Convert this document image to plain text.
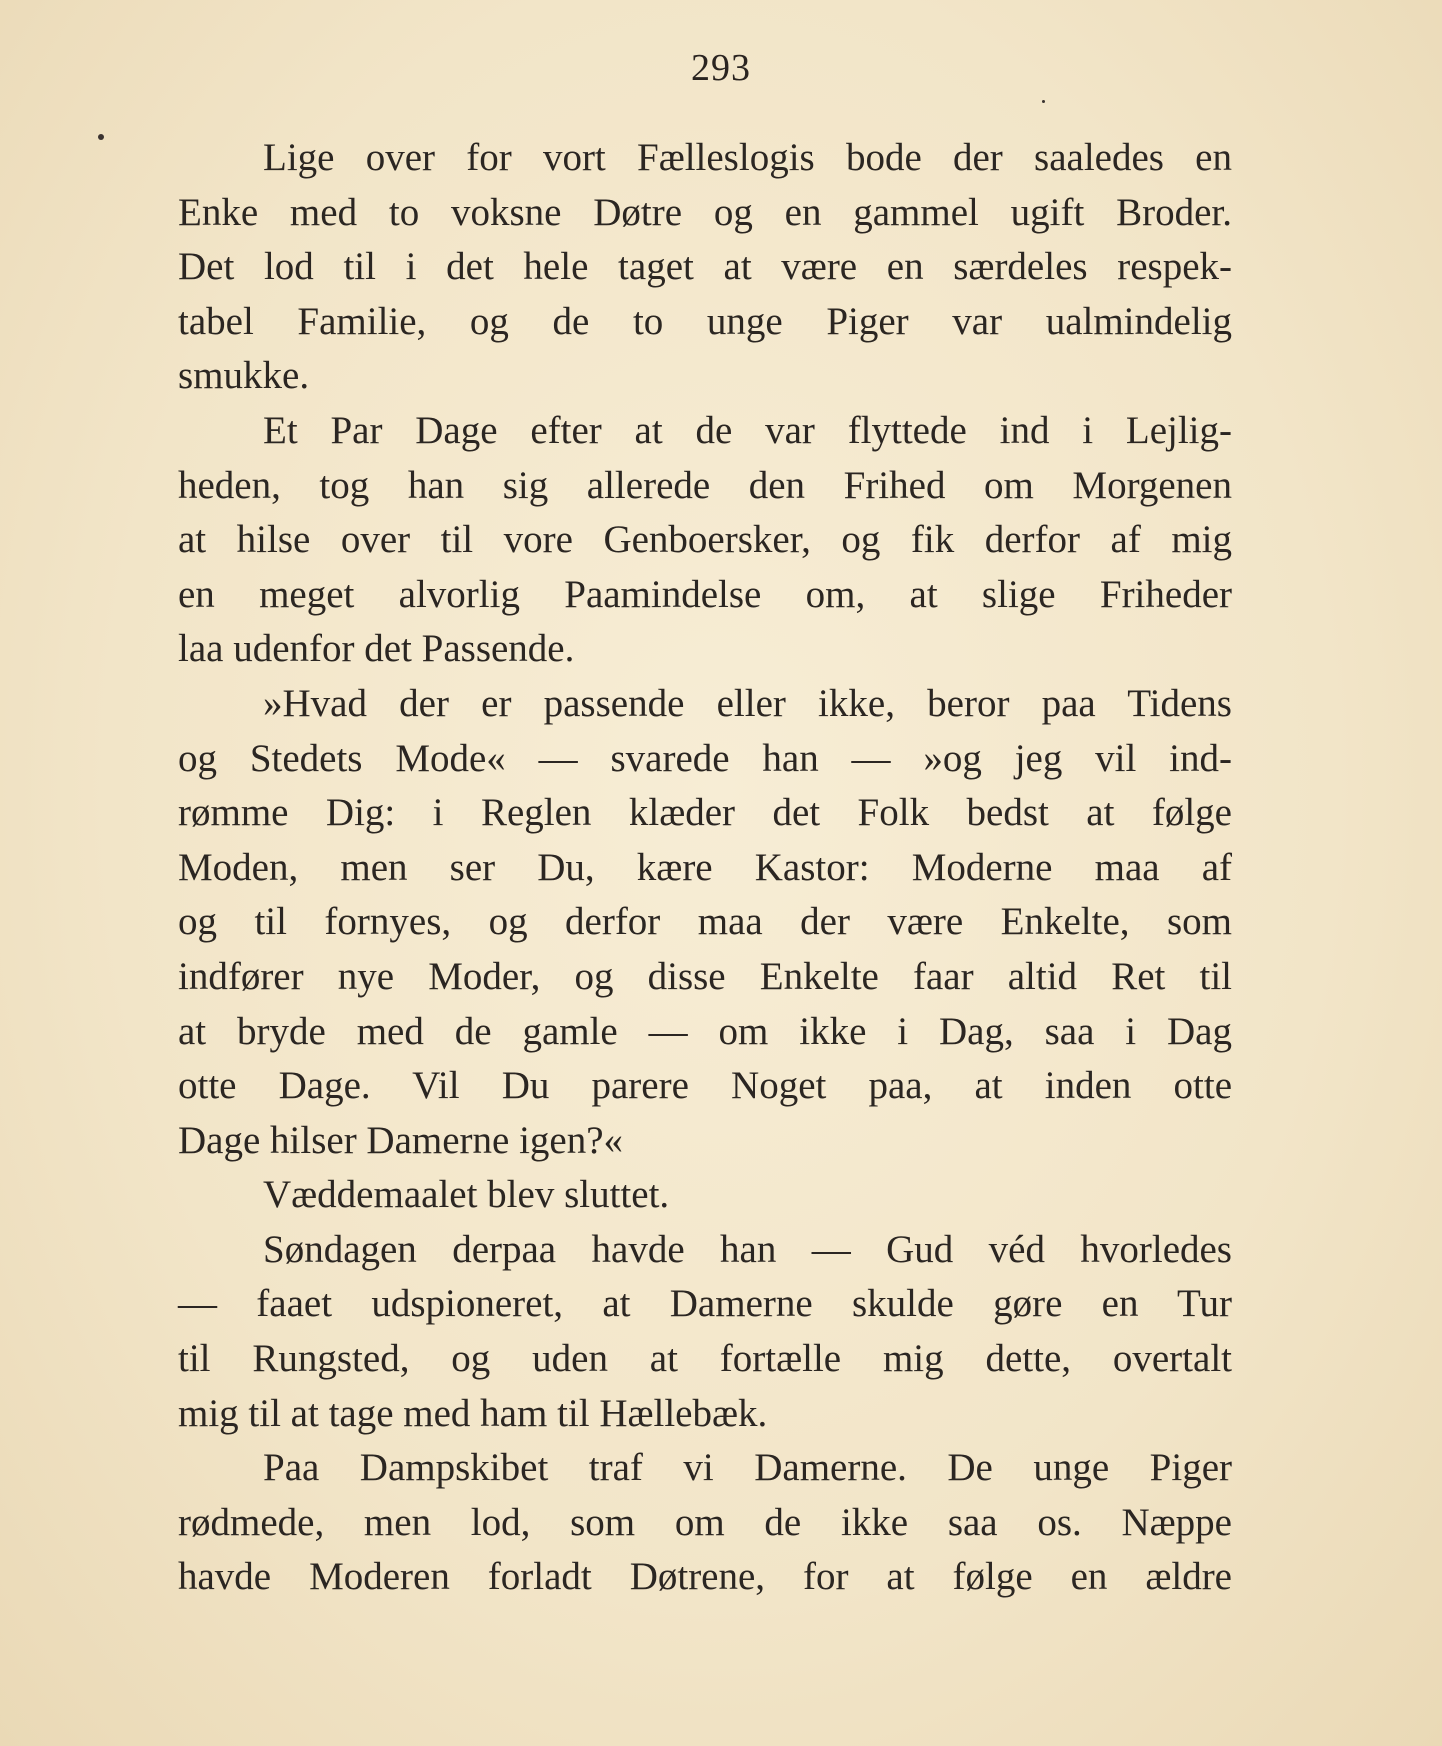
293
Lige over for vort Fælleslogis bode der saaledes en
Enke med to voksne Døtre og en gammel ugift Broder.
Det lod til i det hele taget at være en særdeles respek-
tabel Familie, og de to unge Piger var ualmindelig
smukke.
Et Par Dage efter at de var flyttede ind i Lejlig-
heden, tog han sig allerede den Frihed om Morgenen
at hilse over til vore Genboersker, og fik derfor af mig
en meget alvorlig Paamindelse om, at slige Friheder
laa udenfor det Passende.
»Hvad der er passende eller ikke, beror paa Tidens
og Stedets Mode« — svarede han — »og jeg vil ind-
rømme Dig: i Reglen klæder det Folk bedst at følge
Moden, men ser Du, kære Kastor: Moderne maa af
og til fornyes, og derfor maa der være Enkelte, som
indfører nye Moder, og disse Enkelte faar altid Ret til
at bryde med de gamle — om ikke i Dag, saa i Dag
otte Dage. Vil Du parere Noget paa, at inden otte
Dage hilser Damerne igen?«
Væddemaalet blev sluttet.
Søndagen derpaa havde han — Gud véd hvorledes
— faaet udspioneret, at Damerne skulde gøre en Tur
til Rungsted, og uden at fortælle mig dette, overtalt
mig til at tage med ham til Hællebæk.
Paa Dampskibet traf vi Damerne. De unge Piger
rødmede, men lod, som om de ikke saa os. Næppe
havde Moderen forladt Døtrene, for at følge en ældre
